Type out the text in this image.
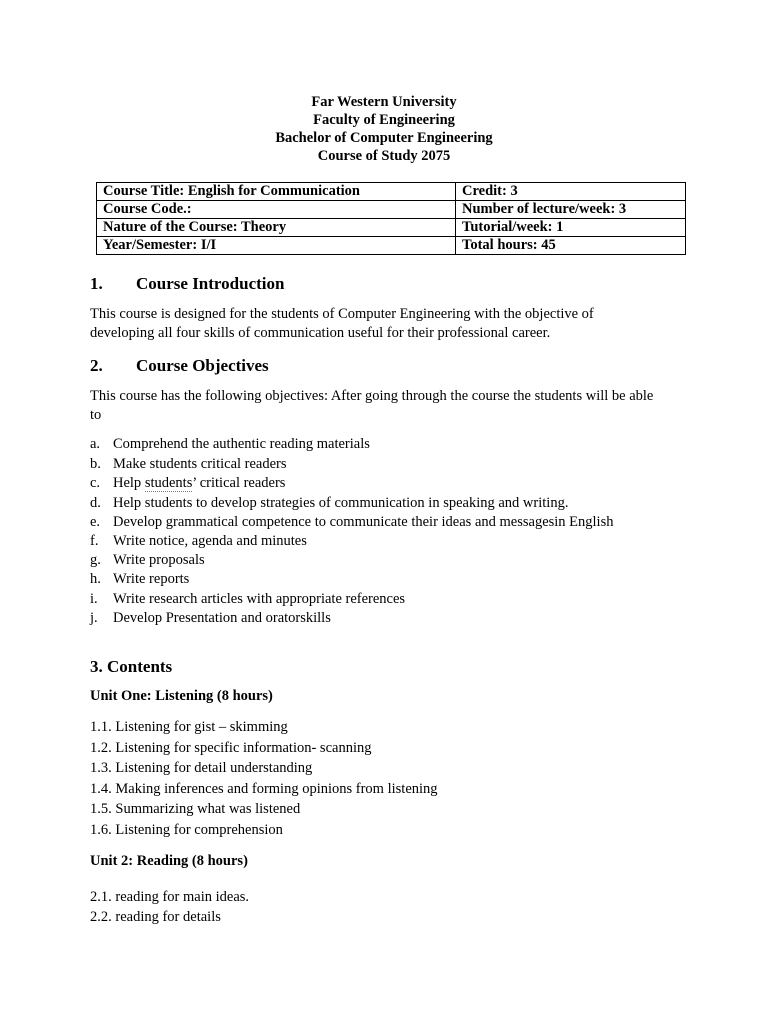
Far Western University
Faculty of Engineering
Bachelor of Computer Engineering
Course of Study 2075
Course Title: English for Communication	Credit: 3
Course Code.:	Number of lecture/week: 3
Nature of the Course: Theory	Tutorial/week: 1
Year/Semester: I/I	Total hours: 45
1. Course Introduction
This course is designed for the students of Computer Engineering with the objective of
developing all four skills of communication useful for their professional career.
2. Course Objectives
This course has the following objectives: After going through the course the students will be able
to
a. Comprehend the authentic reading materials
b. Make students critical readers
c. Help students’ critical readers
d. Help students to develop strategies of communication in speaking and writing.
e. Develop grammatical competence to communicate their ideas and messagesin English
f. Write notice, agenda and minutes
g. Write proposals
h. Write reports
i. Write research articles with appropriate references
j. Develop Presentation and oratorskills
3. Contents
Unit One: Listening (8 hours)
1.1. Listening for gist – skimming
1.2. Listening for specific information- scanning
1.3. Listening for detail understanding
1.4. Making inferences and forming opinions from listening
1.5. Summarizing what was listened
1.6. Listening for comprehension
Unit 2: Reading (8 hours)
2.1. reading for main ideas.
2.2. reading for details
